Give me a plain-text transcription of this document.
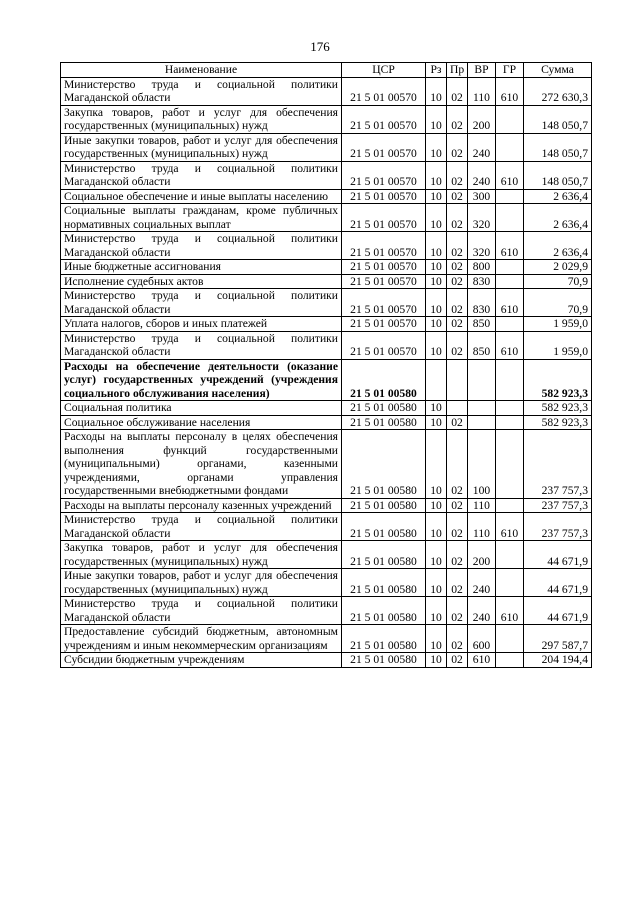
176
Наименование	ЦСР	Рз	Пр	ВР	ГР	Сумма
Министерство труда и социальной политики Магаданской области	21 5 01 00570	10	02	110	610	272 630,3
Закупка товаров, работ и услуг для обеспечения государственных (муниципальных) нужд	21 5 01 00570	10	02	200		148 050,7
Иные закупки товаров, работ и услуг для обеспечения государственных (муниципальных) нужд	21 5 01 00570	10	02	240		148 050,7
Министерство труда и социальной политики Магаданской области	21 5 01 00570	10	02	240	610	148 050,7
Социальное обеспечение и иные выплаты населению	21 5 01 00570	10	02	300		2 636,4
Социальные выплаты гражданам, кроме публичных нормативных социальных выплат	21 5 01 00570	10	02	320		2 636,4
Министерство труда и социальной политики Магаданской области	21 5 01 00570	10	02	320	610	2 636,4
Иные бюджетные ассигнования	21 5 01 00570	10	02	800		2 029,9
Исполнение судебных актов	21 5 01 00570	10	02	830		70,9
Министерство труда и социальной политики Магаданской области	21 5 01 00570	10	02	830	610	70,9
Уплата налогов, сборов и иных платежей	21 5 01 00570	10	02	850		1 959,0
Министерство труда и социальной политики Магаданской области	21 5 01 00570	10	02	850	610	1 959,0
Расходы на обеспечение деятельности (оказание услуг) государственных учреждений (учреждения социального обслуживания населения)	21 5 01 00580					582 923,3
Социальная политика	21 5 01 00580	10				582 923,3
Социальное обслуживание населения	21 5 01 00580	10	02			582 923,3
Расходы на выплаты персоналу в целях обеспечения выполнения функций государственными (муниципальными) органами, казенными учреждениями, органами управления государственными внебюджетными фондами	21 5 01 00580	10	02	100		237 757,3
Расходы на выплаты персоналу казенных учреждений	21 5 01 00580	10	02	110		237 757,3
Министерство труда и социальной политики Магаданской области	21 5 01 00580	10	02	110	610	237 757,3
Закупка товаров, работ и услуг для обеспечения государственных (муниципальных) нужд	21 5 01 00580	10	02	200		44 671,9
Иные закупки товаров, работ и услуг для обеспечения государственных (муниципальных) нужд	21 5 01 00580	10	02	240		44 671,9
Министерство труда и социальной политики Магаданской области	21 5 01 00580	10	02	240	610	44 671,9
Предоставление субсидий бюджетным, автономным учреждениям и иным некоммерческим организациям	21 5 01 00580	10	02	600		297 587,7
Субсидии бюджетным учреждениям	21 5 01 00580	10	02	610		204 194,4
